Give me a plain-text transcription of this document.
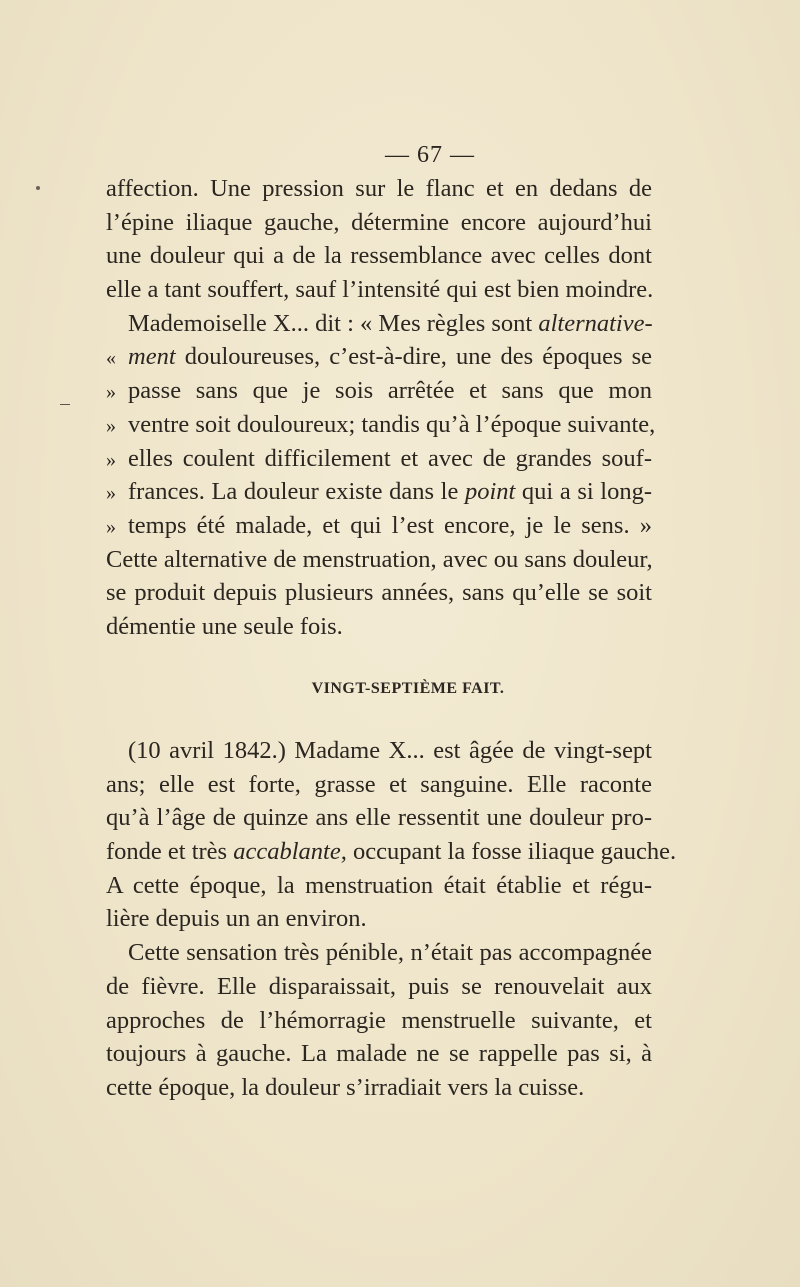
— 67 —
affection. Une pression sur le flanc et en dedans de
l’épine iliaque gauche, détermine encore aujourd’hui
une douleur qui a de la ressemblance avec celles dont
elle a tant souffert, sauf l’intensité qui est bien moindre.
Mademoiselle X... dit : « Mes règles sont alternative-
« ment douloureuses, c’est-à-dire, une des époques se
» passe sans que je sois arrêtée et sans que mon
» ventre soit douloureux; tandis qu’à l’époque suivante,
» elles coulent difficilement et avec de grandes souf-
» frances. La douleur existe dans le point qui a si long-
» temps été malade, et qui l’est encore, je le sens. »
Cette alternative de menstruation, avec ou sans douleur,
se produit depuis plusieurs années, sans qu’elle se soit
démentie une seule fois.
VINGT-SEPTIÈME FAIT.
(10 avril 1842.) Madame X... est âgée de vingt-sept
ans; elle est forte, grasse et sanguine. Elle raconte
qu’à l’âge de quinze ans elle ressentit une douleur pro-
fonde et très accablante, occupant la fosse iliaque gauche.
A cette époque, la menstruation était établie et régu-
lière depuis un an environ.
Cette sensation très pénible, n’était pas accompagnée
de fièvre. Elle disparaissait, puis se renouvelait aux
approches de l’hémorragie menstruelle suivante, et
toujours à gauche. La malade ne se rappelle pas si, à
cette époque, la douleur s’irradiait vers la cuisse.
